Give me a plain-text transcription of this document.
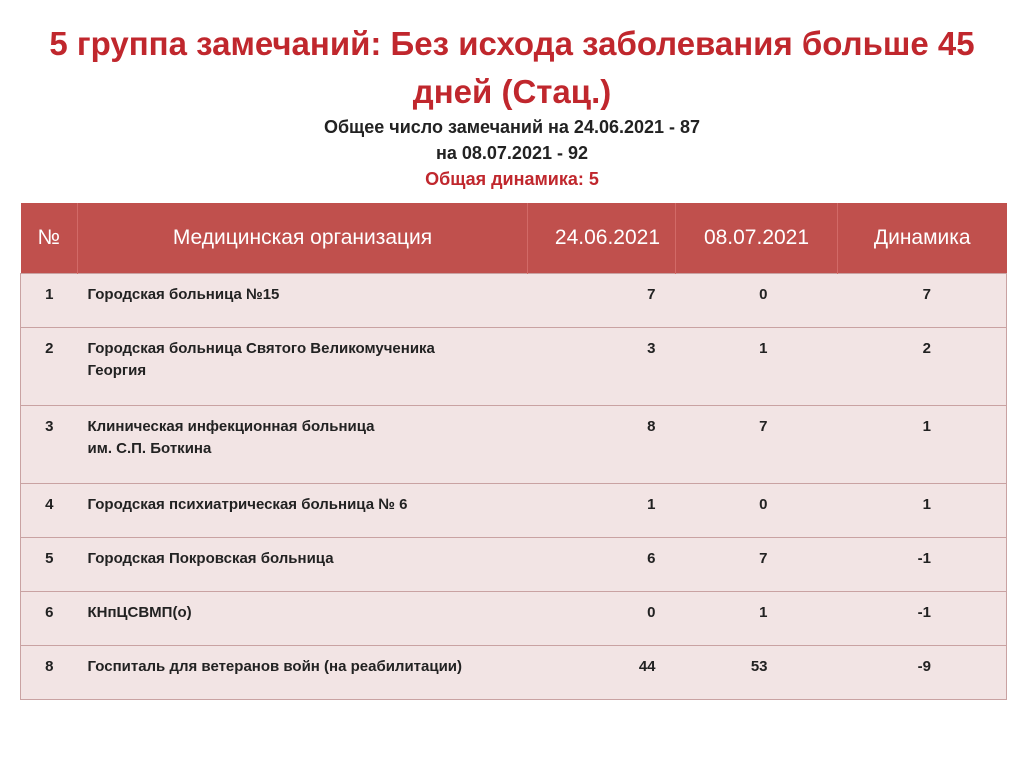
5 группа замечаний: Без исхода заболевания больше 45
дней (Стац.)
Общее число замечаний на 24.06.2021 - 87
на 08.07.2021 - 92
Общая динамика: 5
№	Медицинская организация	24.06.2021	08.07.2021	Динамика
1	Городская больница №15	7	0	7
2	Городская больница Святого Великомученика
Георгия	3	1	2
3	Клиническая инфекционная больница
им. С.П. Боткина	8	7	1
4	Городская психиатрическая больница № 6	1	0	1
5	Городская Покровская больница	6	7	-1
6	КНпЦСВМП(о)	0	1	-1
8	Госпиталь для ветеранов войн (на реабилитации)	44	53	-9
